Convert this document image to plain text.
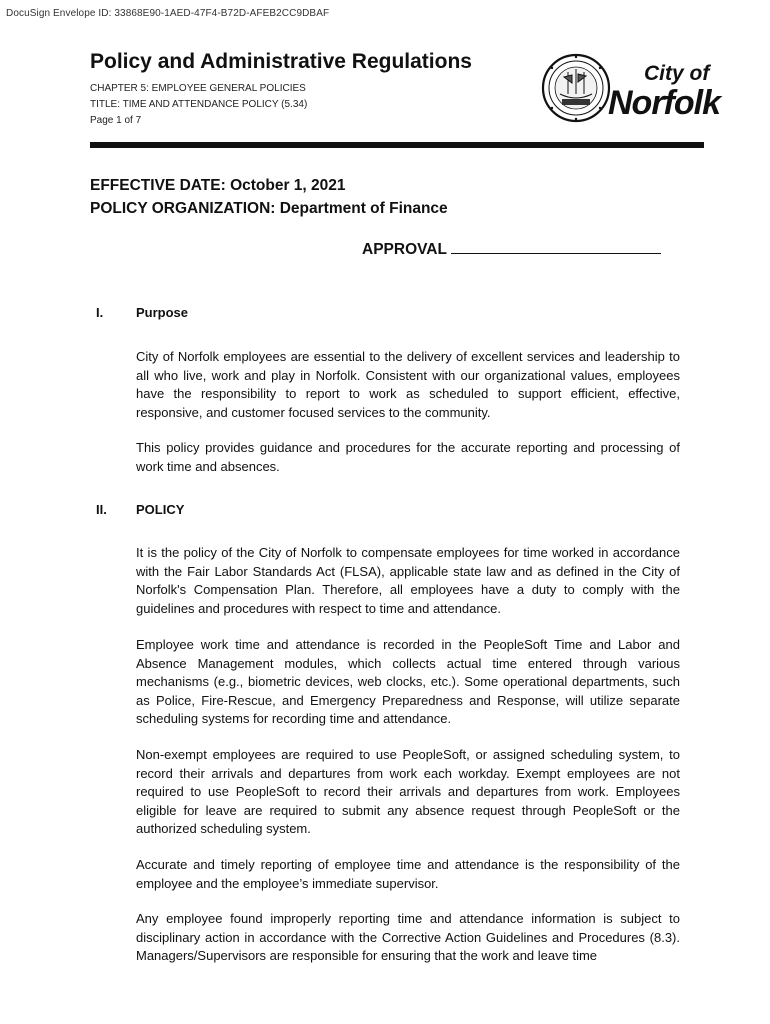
DocuSign Envelope ID: 33868E90-1AED-47F4-B72D-AFEB2CC9DBAF
Policy and Administrative Regulations
CHAPTER 5: EMPLOYEE GENERAL POLICIES
TITLE: TIME AND ATTENDANCE POLICY (5.34)
Page 1 of 7
City of
Norfolk
EFFECTIVE DATE: October 1, 2021
POLICY ORGANIZATION: Department of Finance
APPROVAL
I.	Purpose
City of Norfolk employees are essential to the delivery of excellent services and leadership to all who live, work and play in Norfolk. Consistent with our organizational values, employees have the responsibility to report to work as scheduled to support efficient, effective, responsive, and customer focused services to the community.
This policy provides guidance and procedures for the accurate reporting and processing of work time and absences.
II. POLICY
It is the policy of the City of Norfolk to compensate employees for time worked in accordance with the Fair Labor Standards Act (FLSA), applicable state law and as defined in the City of Norfolk's Compensation Plan. Therefore, all employees have a duty to comply with the guidelines and procedures with respect to time and attendance.
Employee work time and attendance is recorded in the PeopleSoft Time and Labor and Absence Management modules, which collects actual time entered through various mechanisms (e.g., biometric devices, web clocks, etc.). Some operational departments, such as Police, Fire-Rescue, and Emergency Preparedness and Response, will utilize separate scheduling systems for recording time and attendance.
Non-exempt employees are required to use PeopleSoft, or assigned scheduling system, to record their arrivals and departures from work each workday. Exempt employees are not required to use PeopleSoft to record their arrivals and departures from work. Employees eligible for leave are required to submit any absence request through PeopleSoft or the authorized scheduling system.
Accurate and timely reporting of employee time and attendance is the responsibility of the employee and the employee’s immediate supervisor.
Any employee found improperly reporting time and attendance information is subject to disciplinary action in accordance with the Corrective Action Guidelines and Procedures (8.3). Managers/Supervisors are responsible for ensuring that the work and leave time
